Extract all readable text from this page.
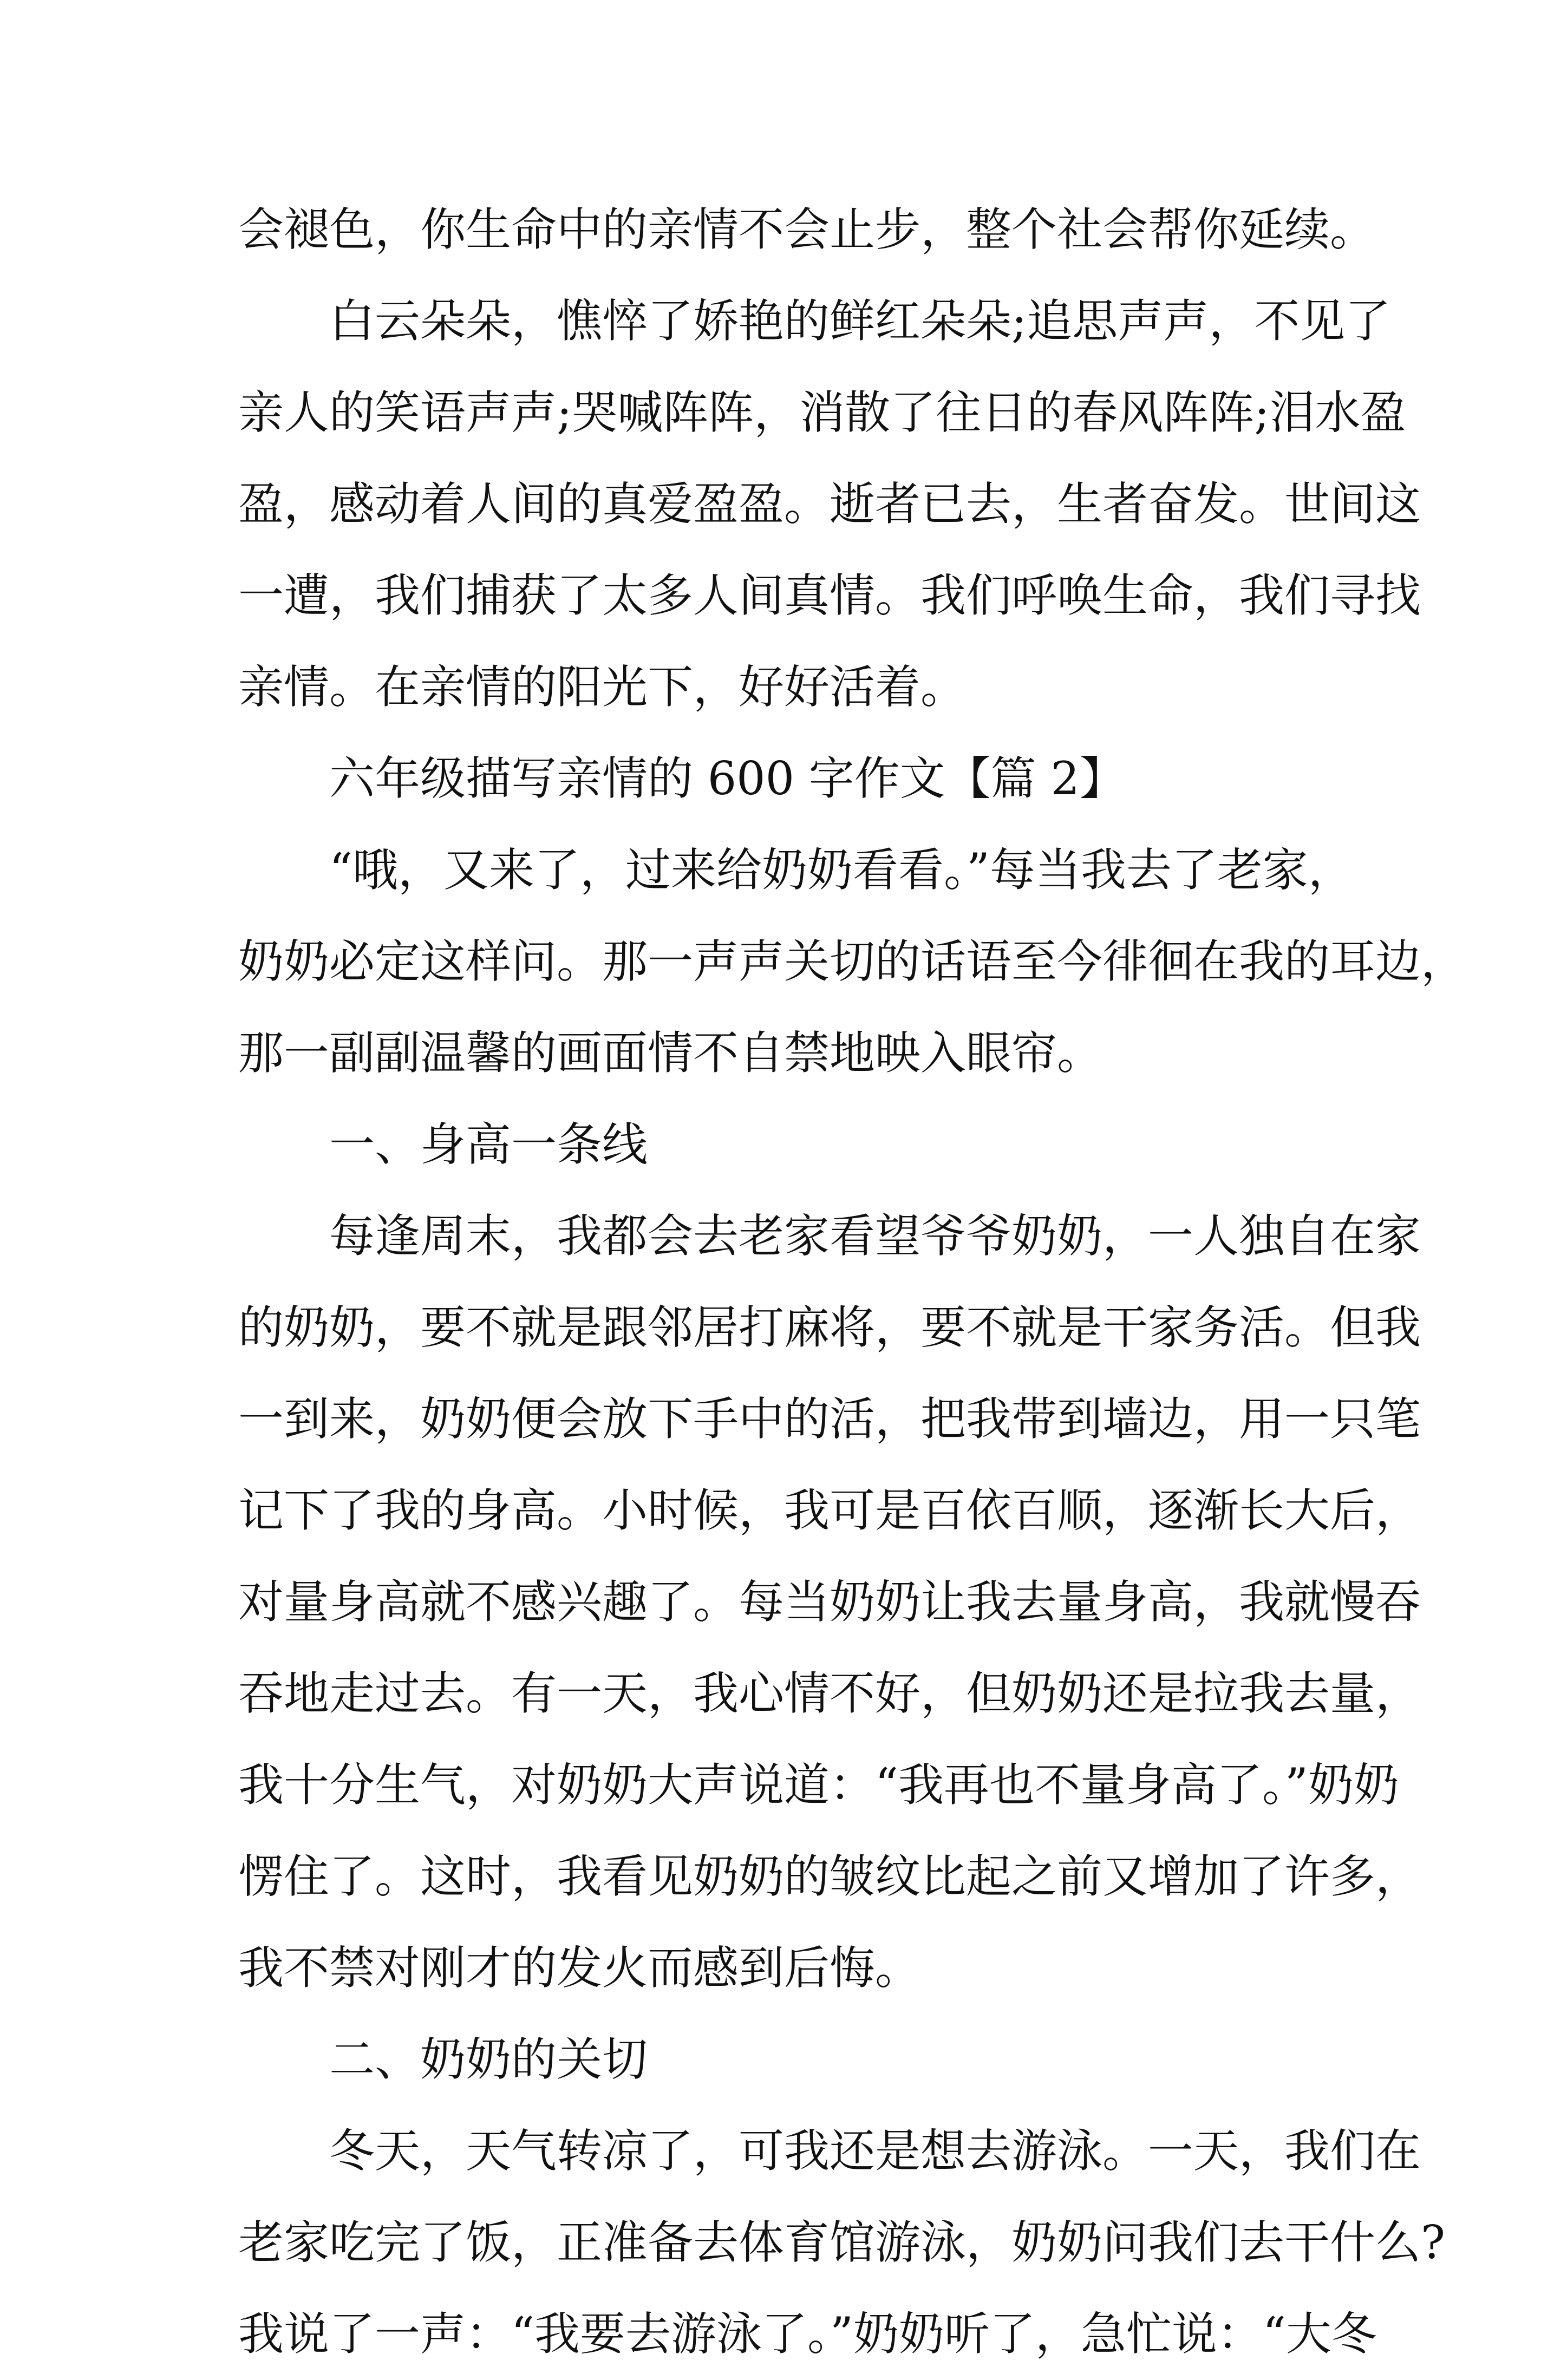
会褪色，你生命中的亲情不会止步，整个社会帮你延续。
白云朵朵，憔悴了娇艳的鲜红朵朵;追思声声，不见了
亲人的笑语声声;哭喊阵阵，消散了往日的春风阵阵;泪水盈
盈，感动着人间的真爱盈盈。逝者已去，生者奋发。世间这
一遭，我们捕获了太多人间真情。我们呼唤生命，我们寻找
亲情。在亲情的阳光下，好好活着。
六年级描写亲情的 600 字作文【篇 2】
“哦，又来了，过来给奶奶看看。”每当我去了老家，
奶奶必定这样问。那一声声关切的话语至今徘徊在我的耳边，
那一副副温馨的画面情不自禁地映入眼帘。
一、身高一条线
每逢周末，我都会去老家看望爷爷奶奶，一人独自在家
的奶奶，要不就是跟邻居打麻将，要不就是干家务活。但我
一到来，奶奶便会放下手中的活，把我带到墙边，用一只笔
记下了我的身高。小时候，我可是百依百顺，逐渐长大后，
对量身高就不感兴趣了。每当奶奶让我去量身高，我就慢吞
吞地走过去。有一天，我心情不好，但奶奶还是拉我去量，
我十分生气，对奶奶大声说道：“我再也不量身高了。”奶奶
愣住了。这时，我看见奶奶的皱纹比起之前又增加了许多，
我不禁对刚才的发火而感到后悔。
二、奶奶的关切
冬天，天气转凉了，可我还是想去游泳。一天，我们在
老家吃完了饭，正准备去体育馆游泳，奶奶问我们去干什么?
我说了一声：“我要去游泳了。”奶奶听了，急忙说：“大冬
